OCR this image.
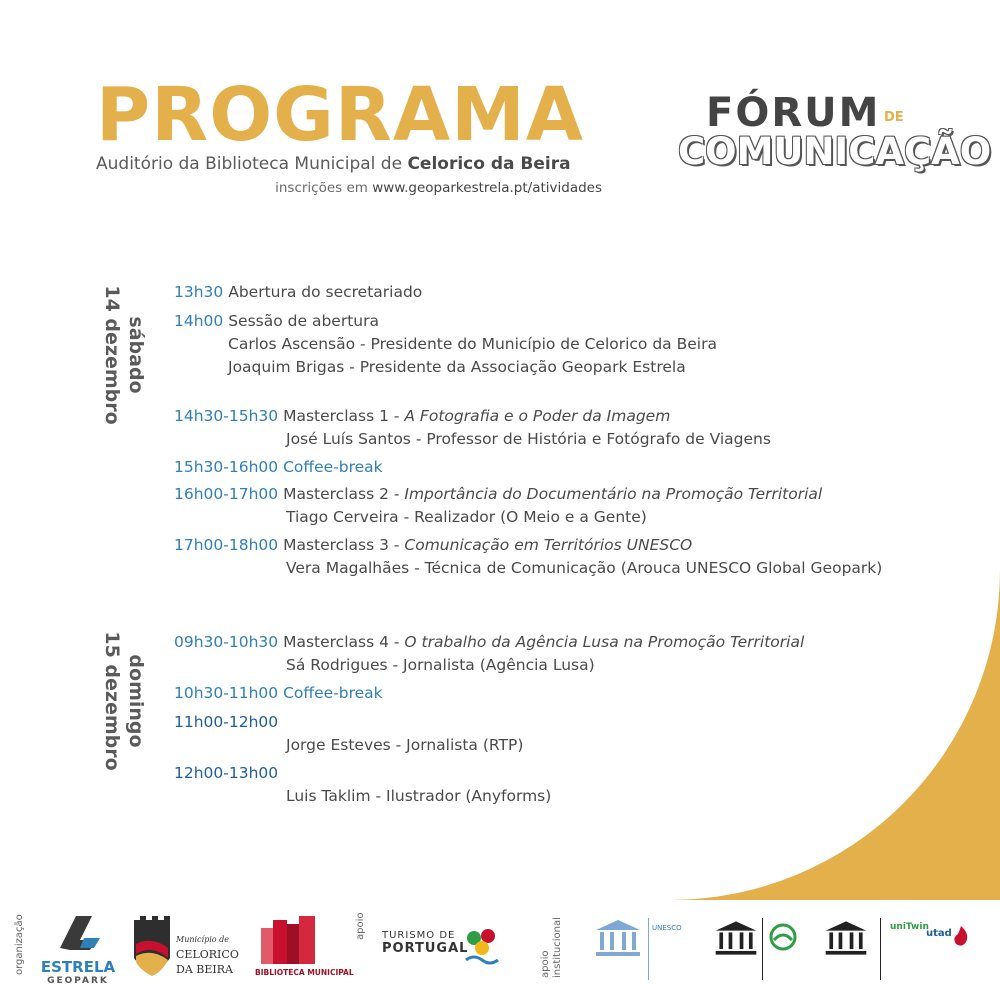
PROGRAMA
Auditório da Biblioteca Municipal de Celorico da Beira
inscrições em www.geoparkestrela.pt/atividades
FÓRUM DE
COMUNICAÇÃO
sábado
14 dezembro
domingo
15 dezembro
13h30 Abertura do secretariado
14h00 Sessão de abertura
Carlos Ascensão - Presidente do Município de Celorico da Beira
Joaquim Brigas - Presidente da Associação Geopark Estrela
14h30-15h30 Masterclass 1 - A Fotografia e o Poder da Imagem
José Luís Santos - Professor de História e Fotógrafo de Viagens
15h30-16h00 Coffee-break
16h00-17h00 Masterclass 2 - Importância do Documentário na Promoção Territorial
Tiago Cerveira - Realizador (O Meio e a Gente)
17h00-18h00 Masterclass 3 - Comunicação em Territórios UNESCO
Vera Magalhães - Técnica de Comunicação (Arouca UNESCO Global Geopark)
09h30-10h30 Masterclass 4 - O trabalho da Agência Lusa na Promoção Territorial
Sá Rodrigues - Jornalista (Agência Lusa)
10h30-11h00 Coffee-break
11h00-12h00 Masterclass 5 - O Jornalismo e a Comunicação de Territórios
Jorge Esteves - Jornalista (RTP)
12h00-13h00 Masterclass 6 - Comunicar Ciência através da ilustração e infografia
Luis Taklim - Ilustrador (Anyforms)
organização ESTRELA
GEOPARK
Município de
CELORICO
DA BEIRA	BIBLIOTECA MUNICIPAL
apoio TURISMO DE
PORTUGAL
apoio institucional	UNESCO	uniTwin
utad
